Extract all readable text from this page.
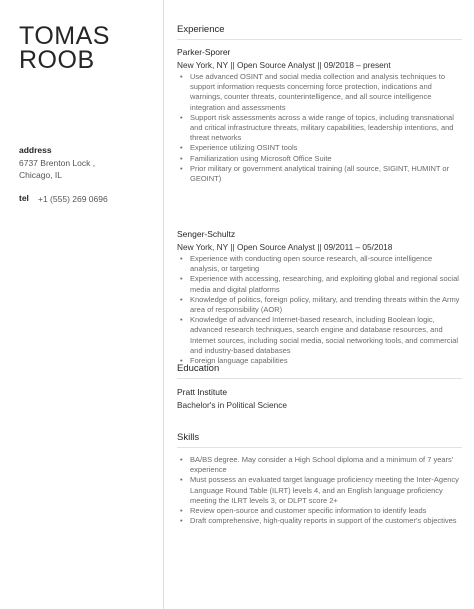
TOMAS
ROOB
address
6737 Brenton Lock ,
Chicago, IL
tel +1 (555) 269 0696
Experience
Parker-Sporer
New York, NY || Open Source Analyst || 09/2018 – present
• Use advanced OSINT and social media collection and analysis techniques to support information requests concerning force protection, indications and warnings, counter threats, counterintelligence, and all source intelligence integration and assessments
• Support risk assessments across a wide range of topics, including transnational and critical infrastructure threats, military capabilities, leadership intentions, and threat networks
• Experience utilizing OSINT tools
• Familiarization using Microsoft Office Suite
• Prior military or government analytical training (all source, SIGINT, HUMINT or GEOINT)
Senger-Schultz
New York, NY || Open Source Analyst || 09/2011 – 05/2018
• Experience with conducting open source research, all-source intelligence analysis, or targeting
• Experience with accessing, researching, and exploiting global and regional social media and digital platforms
• Knowledge of politics, foreign policy, military, and trending threats within the Army area of responsibility (AOR)
• Knowledge of advanced Internet-based research, including Boolean logic, advanced research techniques, search engine and database resources, and Internet sources, including social media, social networking tools, and commercial and industry-based databases
• Foreign language capabilities
Education
Pratt Institute
Bachelor's in Political Science
Skills
• BA/BS degree. May consider a High School diploma and a minimum of 7 years' experience
• Must possess an evaluated target language proficiency meeting the Inter-Agency Language Round Table (ILRT) levels 4, and an English language proficiency meeting the ILRT levels 3, or DLPT score 2+
• Review open-source and customer specific information to identify leads
• Draft comprehensive, high-quality reports in support of the customer's objectives
